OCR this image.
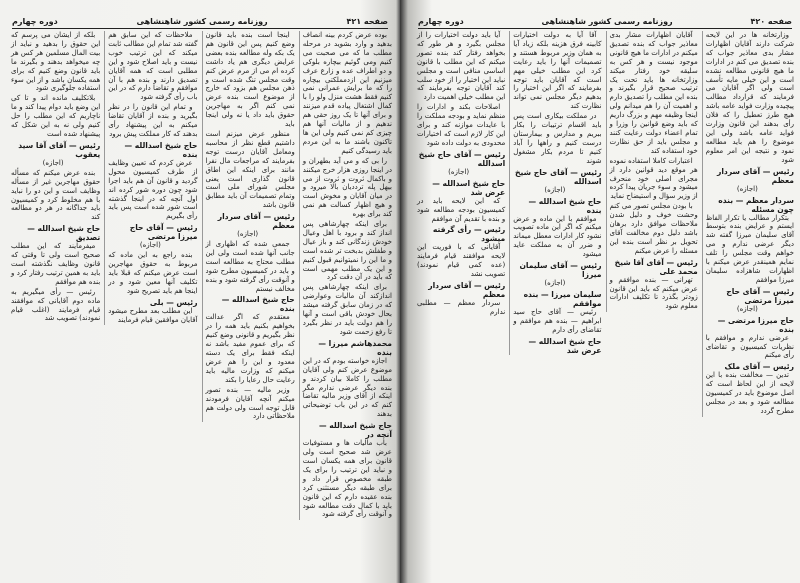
صفحه ۴۲۱
روزنامه رسمی کشور شاهنشاهی
دوره چهارم

بوده عرض کردم بینه انصاف بدهید و وارد بشوید در مرحله مطلب ما که می صحبت می کنیم ومی گوئیم بیچاره بلوکی و دو اطراف عده و زارع عرف میزنیم این ازدمملکتی بیچاره را که ما برایش عمرانی نمی کنیم فقط هشت منزل ولو را با کمال اشتغال پیاده قدم میزنند و برای آنها تا یک روز حقی هم ندهیم و از مالیات آنها هم چیزی کم نمی کنیم ولی این ها تاکنون باشند ما به این مردم باید رسیدگی کنیم

را بی که و می آید بطهران و در اینجا روزی هزار خرج میکنند و باکمال ثروت و ثروت از می بیهل پله ترددیان بالا میرود و در میان آقایان و مخوش است و هیچ اظهار کسالت هم نمی کند برای بهره

برای اینکه چهارشاهی پس انداز کند و برود با اهل وعیال خودش زندگانی کند و باز عیال و طفلش بدبخت تر شده است و ما این را نمیتوانیم قبول کنیم و این یک مطلب مهمی است که باید در آن دقت کرد

برای اینکه چهارشاهی پس اندازکند آن مالیات وعوارضی که در زمان سابق گرفته میشد بحال خودش باقی است و آنها را هم دولت باید در نظر بگیرد تا رفع زحمت شود

محمدهاشم میرزا — بنده

اجازه خواسته بودم که در این موضوع عرض کنم ولی آقایان مطلب را کاملا بیان کردند و بنده دیگر عرضی ندارم مگر اینکه از آقای وزیر مالیه تقاضا کنم که در این باب توضیحاتی بدهند

حاج شیخ اسدالله — آنچه در

باب مالیات ها و مستوفیات عرض شد صحیح است ولی قانون برای همه یکسان است و نباید این ترتیب را برای یک طبقه مخصوص قرار داد و برای طبقه دیگر مستثنی کرد بنده عقیده دارم که این قانون باید با کمال دقت مطالعه شود و آنوقت رأی گرفته شود

اینجا است بنده باید قانون وضع کنیم پس این قانون هم یک بکه وله مطالعه بنده بعضی عرایض دیگری هم یاد داشت کرده ام می از مرم عرض کنم وقت مجلس تنگ شده است و ذهن مجلس هم بزود که خارج از موضوع است بنده عرض نمی کنم اگر به مهاجرین حقوق باید داد یا نه ولی اینجا باید

منظور عرض میزنم است داشتیم قطع نظر از محاسبه ومعامل آقایان درست توجه بفرمایند که مراجعات مال نفرا مانند برای اینکه این اطاق قانون گذاری است یعنی مجلس شورای ملی است وتمام تصمیمات آن باید مطابق قانون باشد

رئیس — آقای سردار معظم

(اجازه)

جمعی شده که اظهاری از جانب آنها شده است ولی این مطلب محتاج به مطالعه است و باید در کمیسیون مطرح شود و آنوقت رأی گرفته شود و بنده مخالف نیستم

حاج شیخ اسدالله — بنده

معتقدم که اگر عدالت بخواهیم بکنیم باید همه را در نظر بگیریم و قانونی وضع کنیم که برای عموم مفید باشد نه اینکه فقط برای یک دسته معدود و این را هم عرض میکنم که وزارت مالیه باید رعایت حال رعایا را بکند

وزیر مالیه — بنده تصور میکنم آنچه آقایان فرمودند قابل توجه است ولی دولت هم ملاحظاتی دارد

ملاحظات که این سابق هم گفته شد تمام این مطالب ثابت میکند که این ترتیب خوب نیست و باید اصلاح شود و این مطلبی است که همه آقایان تصدیق دارند و بنده هم با آن موافقم و تقاضا دارم که در این باب رأی گرفته شود

و تمام این قانون را در نظر بگیرید و بنده از آقایان تقاضا میکنم به این پیشنهاد رأی بدهند که کار مملکت پیش برود

حاج شیخ اسدالله — بنده

عرض کردم که تعیین وظایف از طرف کمیسیون محول گردید و قانون آن هم باید اجرا شود چون دوره شور کرده اند اول آنچه که در اینجا گذشته است شور شده است پس باید رأی بگیریم

رئیس — آقای حاج میرزا مرتضی

(اجازه)

بنده راجع به این ماده که مربوط به حقوق مهاجرین است عرض میکنم که قبلا باید تکلیف آنها معین شود و در اینجا هم باید تصریح شود

رئیس — بلی

این مطلب بعد مطرح میشود آقایان موافقین قیام فرمایند

بلکه از ایشان می پرسم که این حقوق را بدهید و نباید از بیت المال مسلمین هر کس هر چه میخواهد بدهند و بگیرند ما باید قانون وضع کنیم که برای همه یکسان باشد و از این سوء استفاده جلوگیری شود

بلاتکلیف مانده اند و تا کی این وضع باید دوام پیدا کند و ما ناچاریم که این مطلب را حل کنیم ولی نه به این شکل که پیشنهاد شده است

رئیس — آقای آقا سید یعقوب

(اجازه)

بنده عرض میکنم که مسأله حقوق مهاجرین غیر از مسأله وظایف است و این دو را نباید با هم مخلوط کرد و کمیسیون باید جداگانه در هر دو مطالعه کند

حاج شیخ اسدالله — تصدیق

میفرمایند که این مطلب صحیح است ولی تا وقتی که قانون وظایف نگذشته است باید به همین ترتیب رفتار کرد و بنده هم موافقم

رئیس — رأی میگیریم به ماده دوم آقایانی که موافقند قیام فرمایند (اغلب قیام نمودند) تصویب شد

صفحه ۴۲۰
روزنامه رسمی کشور شاهنشاهی
دوره چهارم

وزارتخانه ها در این لایحه شرکت دارند آقایان اظهارات مشار بدی معاذیر جواب که بنده تصدیق می کنم در ادارات ما هیچ قانونی مطالعه نشده است و این خیلی مایه تأسف است ولی اگر آقایان می فرمایند که قرارداد مطالب پیچیده وزارت فواید عامه باشد هیچ طرز تعطیل را که فلان رأی بدهند این قانون وزارت فواید عامه باشد ولی این موضوع را هم باید مطالعه نمود و نتیجه این امر معلوم شود

رئیس — آقای سردار معظم

(اجازه)

سردار معظم — بنده چون مسئله

بتکرار مطالب یا تکرار الفاظ ایستم و عرایض بنده بتوسط آقای سلیمان میرزا گفته شد دیگر عرضی ندارم و می خواهم وقت مجلس را تلف نمایم همینقدر عرض میکنم با اظهارات شاهزاده سلیمان میرزا موافقم

رئیس — آقای حاج میرزا مرتضی

(اجازه)

حاج میرزا مرتضی — بنده

عرضی ندارم و موافقم با نظریات کمیسیون و تقاضای رأی میکنم

رئیس — آقای ملک

تدین — مخالفت بنده با این لایحه از این لحاظ است که اصل موضوع باید در کمیسیون مطالعه شود و بعد در مجلس مطرح گردد

آقایان اظهارات مشار بدی معاذیر جواب که بنده تصدیق میکنم در ادارات ما هیچ قانونی موجود نیست و هر کس به سلیقه خود رفتار میکند وزارتخانه ها باید تحت یک ترتیب صحیح قرار بگیرند و بنده این مطلب را تصدیق دارم و اهمیت آن را هم میدانم ولی اینجا وظیفه مهم و بزرگ داریم که باید وضع قوانین را وزرا و تمام اعضاء دولت رعایت کنند و مجلس باید از حق نظارت خود استفاده کند

اعتبارات کاملا استفاده نموده هر موقع دید قوانین دارد از مجرای اصلی خود منحرف میشود و سوء جریان پیدا کرده از وزیر سؤال و استیضاح نماید

با بودن مجلس تصور می کنم وحشت خوف و دلیل شدن ملاحظات موافق دارد برهان باشد دلیل دوم مخالفت آقای تحویل بر نظر است بنده این مسئله را عرض میکنم

رئیس — آقای آقا شیخ محمد علی

تهرانی — بنده موافقم و عرض میکنم که باید این قانون زودتر بگذرد تا تکلیف ادارات معلوم شود

آقا آیا به دولت اختیارات کابینه فرق هزینه بلکه زیاد آیا به همان وزیر مربوط هستند و تصمیمات آنها را باید رعایت کرد این مطلب خیلی مهم است که آقایان باید توجه بفرمایند که اگر این اختیار را بدهیم دیگر مجلس نمی تواند نظارت کند

در مملکت بیکاری است پس باید اقسام ترتیبات را بکار ببریم و مدارس و بیمارستان درست کنیم و راهها را آباد کنیم تا مردم بکار مشغول شوند

رئیس — آقای حاج شیخ اسدالله

(اجازه)

حاج شیخ اسدالله — بنده

موافقم با این ماده و عرض میکنم که اگر این ماده تصویب نشود کار ادارات معطل میماند و ضرر آن به مملکت عاید میشود

رئیس — آقای سلیمان میرزا

(اجازه)

سلیمان میرزا — بنده موافقم

رئیس — آقای حاج سید ابراهیم — بنده هم موافقم و تقاضای رأی دارم

حاج شیخ اسدالله — عرض شد

آیا باید دولت اختیارات را از مجلس بگیرد و هر طور که بخواهد رفتار کند بنده تصور میکنم که این مطلب با قانون اساسی منافی است و مجلس نباید این اختیار را از خود سلب کند آقایان توجه بفرمایند که این مطلب خیلی اهمیت دارد

اصلاحات بکند و ادارات را منظم نماید و بودجه مملکت را با عایدات موازنه کند و برای این کار لازم است که اختیارات محدودی به دولت داده شود

رئیس — آقای حاج شیخ اسدالله

(اجازه)

حاج شیخ اسدالله — عرض شد

که این لایحه باید در کمیسیون بودجه مطالعه شود و بنده با تقدیم آن موافقم

رئیس — رأی گرفته میشود

آقایانی که با فوریت این لایحه موافقند قیام فرمایند (عده کمی قیام نمودند) تصویب نشد

رئیس — آقای سردار معظم

سردار معظم — مطلبی ندارم
